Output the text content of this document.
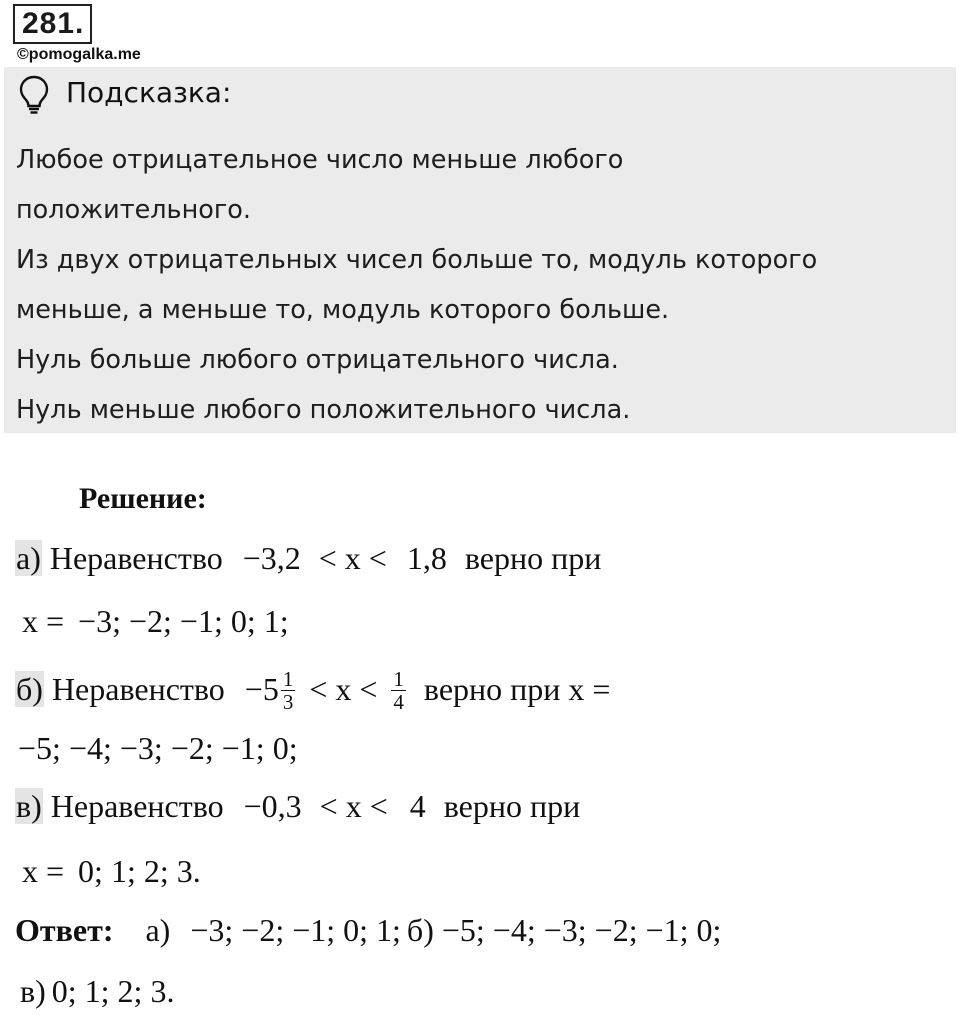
281.
©pomogalka.me
Подсказка:
Любое отрицательное число меньше любого
положительного.
Из двух отрицательных чисел больше то, модуль которого
меньше, а меньше то, модуль которого больше.
Нуль больше любого отрицательного числа.
Нуль меньше любого положительного числа.
Решение:
а) Неравенство −3,2 < x < 1,8 верно при
x = −3; −2; −1; 0; 1;
б) Неравенство $-5 \frac{1}{3} < x < \frac{1}{4}$ верно при x =
−5; −4; −3; −2; −1; 0;
в) Неравенство −0,3 < x < 4 верно при
x = 0; 1; 2; 3.
Ответ: а) −3; −2; −1; 0; 1; б) −5; −4; −3; −2; −1; 0;
в) 0; 1; 2; 3.
